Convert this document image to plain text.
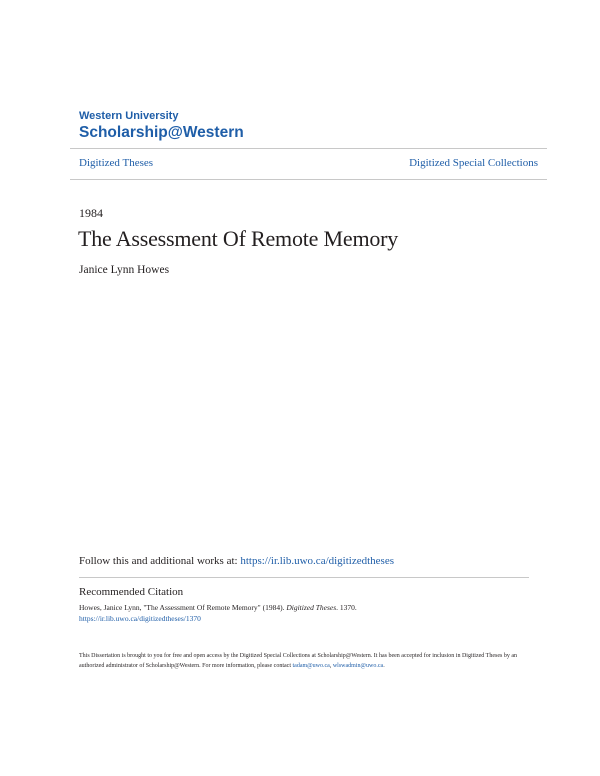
Western University
Scholarship@Western
Digitized Theses	Digitized Special Collections
1984
The Assessment Of Remote Memory
Janice Lynn Howes
Follow this and additional works at: https://ir.lib.uwo.ca/digitizedtheses
Recommended Citation
Howes, Janice Lynn, "The Assessment Of Remote Memory" (1984). Digitized Theses. 1370.
https://ir.lib.uwo.ca/digitizedtheses/1370
This Dissertation is brought to you for free and open access by the Digitized Special Collections at Scholarship@Western. It has been accepted for inclusion in Digitized Theses by an authorized administrator of Scholarship@Western. For more information, please contact tadam@uwo.ca, wlswadmin@uwo.ca.
